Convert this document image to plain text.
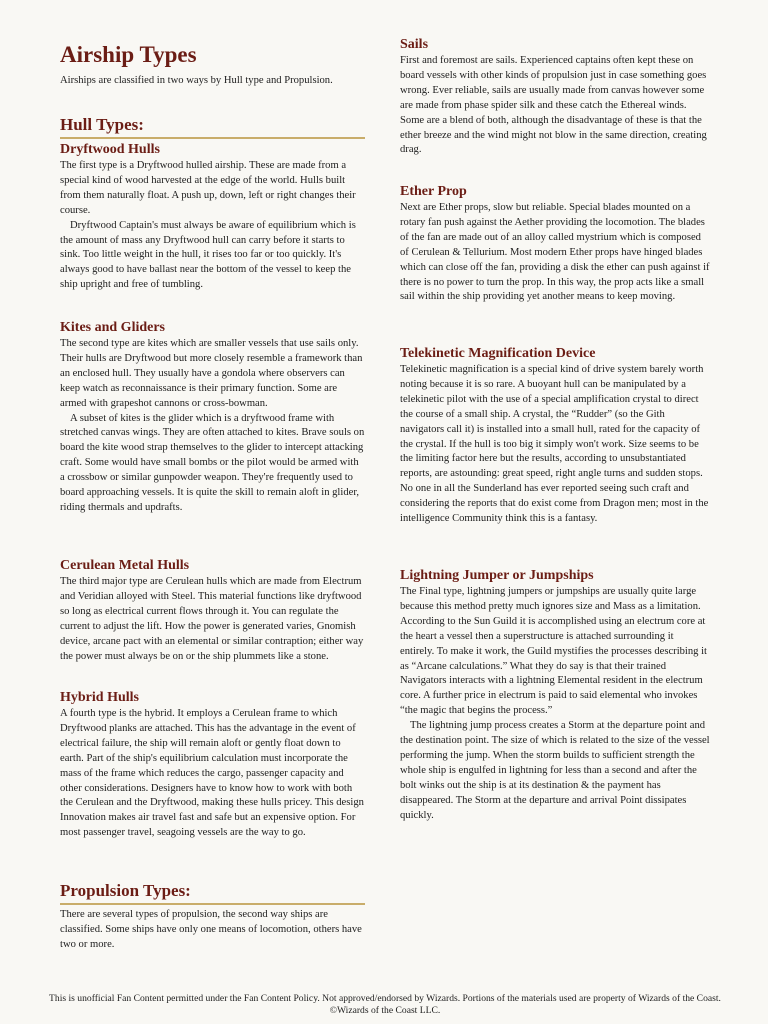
Airship Types

Airships are classified in two ways by Hull type and Propulsion.

Hull Types:
Dryftwood Hulls

The first type is a Dryftwood hulled airship. These are made from a special kind of wood harvested at the edge of the world. Hulls built from them naturally float. A push up, down, left or right changes their course.

Dryftwood Captain's must always be aware of equilibrium which is the amount of mass any Dryftwood hull can carry before it starts to sink. Too little weight in the hull, it rises too far or too quickly. It's always good to have ballast near the bottom of the vessel to keep the ship upright and free of tumbling.

Kites and Gliders

The second type are kites which are smaller vessels that use sails only. Their hulls are Dryftwood but more closely resemble a framework than an enclosed hull. They usually have a gondola where observers can keep watch as reconnaissance is their primary function. Some are armed with grapeshot cannons or cross-bowman.

A subset of kites is the glider which is a dryftwood frame with stretched canvas wings. They are often attached to kites. Brave souls on board the kite wood strap themselves to the glider to intercept attacking craft. Some would have small bombs or the pilot would be armed with a crossbow or similar gunpowder weapon. They're frequently used to board approaching vessels. It is quite the skill to remain aloft in glider, riding thermals and updrafts.

Cerulean Metal Hulls

The third major type are Cerulean hulls which are made from Electrum and Veridian alloyed with Steel. This material functions like dryftwood so long as electrical current flows through it. You can regulate the current to adjust the lift. How the power is generated varies, Gnomish device, arcane pact with an elemental or similar contraption; either way the power must always be on or the ship plummets like a stone.

Hybrid Hulls

A fourth type is the hybrid. It employs a Cerulean frame to which Dryftwood planks are attached. This has the advantage in the event of electrical failure, the ship will remain aloft or gently float down to earth. Part of the ship's equilibrium calculation must incorporate the mass of the frame which reduces the cargo, passenger capacity and other considerations. Designers have to know how to work with both the Cerulean and the Dryftwood, making these hulls pricey. This design Innovation makes air travel fast and safe but an expensive option. For most passenger travel, seagoing vessels are the way to go.

Propulsion Types:

There are several types of propulsion, the second way ships are classified. Some ships have only one means of locomotion, others have two or more.

Sails

First and foremost are sails. Experienced captains often kept these on board vessels with other kinds of propulsion just in case something goes wrong. Ever reliable, sails are usually made from canvas however some are made from phase spider silk and these catch the Ethereal winds. Some are a blend of both, although the disadvantage of these is that the ether breeze and the wind might not blow in the same direction, creating drag.

Ether Prop

Next are Ether props, slow but reliable. Special blades mounted on a rotary fan push against the Aether providing the locomotion. The blades of the fan are made out of an alloy called mystrium which is composed of Cerulean & Tellurium. Most modern Ether props have hinged blades which can close off the fan, providing a disk the ether can push against if there is no power to turn the prop. In this way, the prop acts like a small sail within the ship providing yet another means to keep moving.

Telekinetic Magnification Device

Telekinetic magnification is a special kind of drive system barely worth noting because it is so rare. A buoyant hull can be manipulated by a telekinetic pilot with the use of a special amplification crystal to direct the course of a small ship. A crystal, the “Rudder” (so the Gith navigators call it) is installed into a small hull, rated for the capacity of the crystal. If the hull is too big it simply won't work. Size seems to be the limiting factor here but the results, according to unsubstantiated reports, are astounding: great speed, right angle turns and sudden stops. No one in all the Sunderland has ever reported seeing such craft and considering the reports that do exist come from Dragon men; most in the intelligence Community think this is a fantasy.

Lightning Jumper or Jumpships

The Final type, lightning jumpers or jumpships are usually quite large because this method pretty much ignores size and Mass as a limitation. According to the Sun Guild it is accomplished using an electrum core at the heart a vessel then a superstructure is attached surrounding it entirely. To make it work, the Guild mystifies the processes describing it as “Arcane calculations.” What they do say is that their trained Navigators interacts with a lightning Elemental resident in the electrum core. A further price in electrum is paid to said elemental who invokes “the magic that begins the process.”

The lightning jump process creates a Storm at the departure point and the destination point. The size of which is related to the size of the vessel performing the jump. When the storm builds to sufficient strength the whole ship is engulfed in lightning for less than a second and after the bolt winks out the ship is at its destination & the payment has disappeared. The Storm at the departure and arrival Point dissipates quickly.

This is unofficial Fan Content permitted under the Fan Content Policy. Not approved/endorsed by Wizards. Portions of the materials used are property of Wizards of the Coast. ©Wizards of the Coast LLC.
